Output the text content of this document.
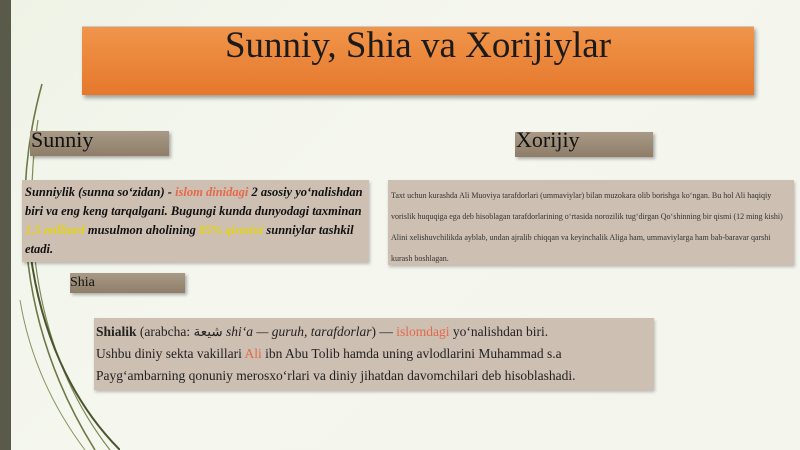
Sunniy, Shia va Xorijiylar
Sunniy	Xorijiy
Shia
Sunniylik (sunna so‘zidan) - islom dinidagi 2 asosiy yo‘nalishdan biri va eng keng tarqalgani. Bugungi kunda dunyodagi taxminan 1,5 milliard musulmon aholining 85% qismini sunniylar tashkil etadi.
Taxt uchun kurashda Ali Muoviya tarafdorlari (ummaviylar) bilan muzokara olib borishga ko‘ngan. Bu hol Ali haqiqiy vorislik huquqiga ega deb hisoblagan tarafdorlarining o‘rtasida norozilik tug‘dirgan Qo‘shinning bir qismi (12 ming kishi) Alini xelishuvchilikda ayblab, undan ajralib chiqqan va keyinchalik Aliga ham, ummaviylarga ham bab-baravar qarshi kurash boshlagan.
Shialik (arabcha: شيعة shi‘a — guruh, tarafdorlar) — islomdagi yo‘nalishdan biri.
Ushbu diniy sekta vakillari Ali ibn Abu Tolib hamda uning avlodlarini Muhammad s.a Payg‘ambarning qonuniy merosxo‘rlari va diniy jihatdan davomchilari deb hisoblashadi.
